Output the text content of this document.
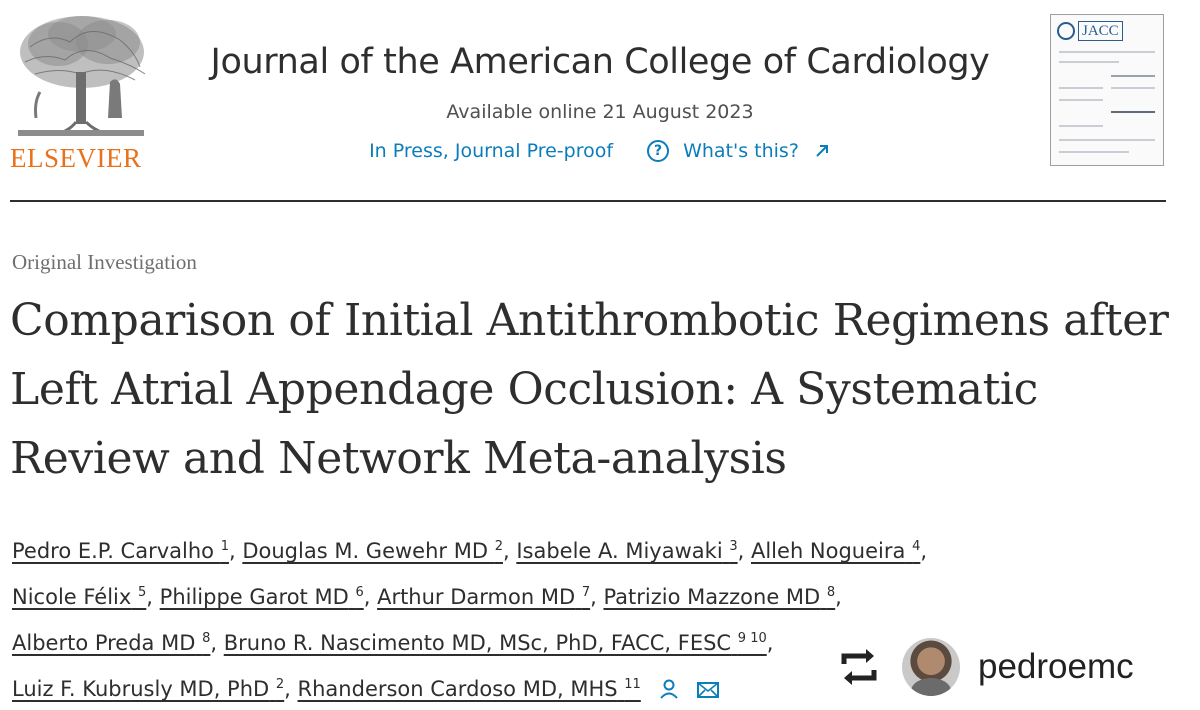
ELSEVIER
Journal of the American College of Cardiology
Available online 21 August 2023
In Press, Journal Pre-proof	?	What's this?
JACC
Original Investigation
Comparison of Initial Antithrombotic Regimens after Left Atrial Appendage Occlusion: A Systematic Review and Network Meta-analysis
Pedro E.P. Carvalho $^1$, Douglas M. Gewehr MD $^2$, Isabele A. Miyawaki $^3$, Alleh Nogueira $^4$,
Nicole Félix $^5$, Philippe Garot MD $^6$, Arthur Darmon MD $^7$, Patrizio Mazzone MD $^8$,
Alberto Preda MD $^8$, Bruno R. Nascimento MD, MSc, PhD, FACC, FESC $^{9 10}$,
Luiz F. Kubrusly MD, PhD $^2$, Rhanderson Cardoso MD, MHS $^{11}$	pedroemc
